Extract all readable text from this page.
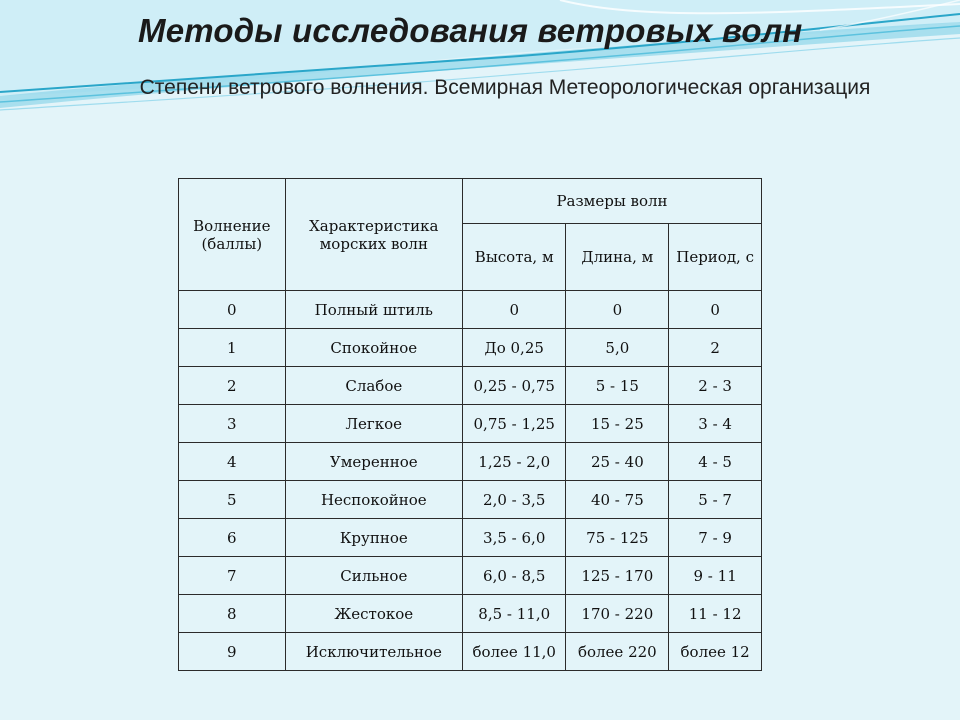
Методы исследования ветровых волн

Степени ветрового волнения. Всемирная Метеорологическая организация

Волнение (баллы)	Характеристика морских волн	Размеры волн		
		Высота, м	Длина, м	Период, с
0	Полный штиль	0	0	0
1	Спокойное	До 0,25	5,0	2
2	Слабое	0,25 - 0,75	5 - 15	2 - 3
3	Легкое	0,75 - 1,25	15 - 25	3 - 4
4	Умеренное	1,25 - 2,0	25 - 40	4 - 5
5	Неспокойное	2,0 - 3,5	40 - 75	5 - 7
6	Крупное	3,5 - 6,0	75 - 125	7 - 9
7	Сильное	6,0 - 8,5	125 - 170	9 - 11
8	Жестокое	8,5 - 11,0	170 - 220	11 - 12
9	Исключительное	более 11,0	более 220	более 12
